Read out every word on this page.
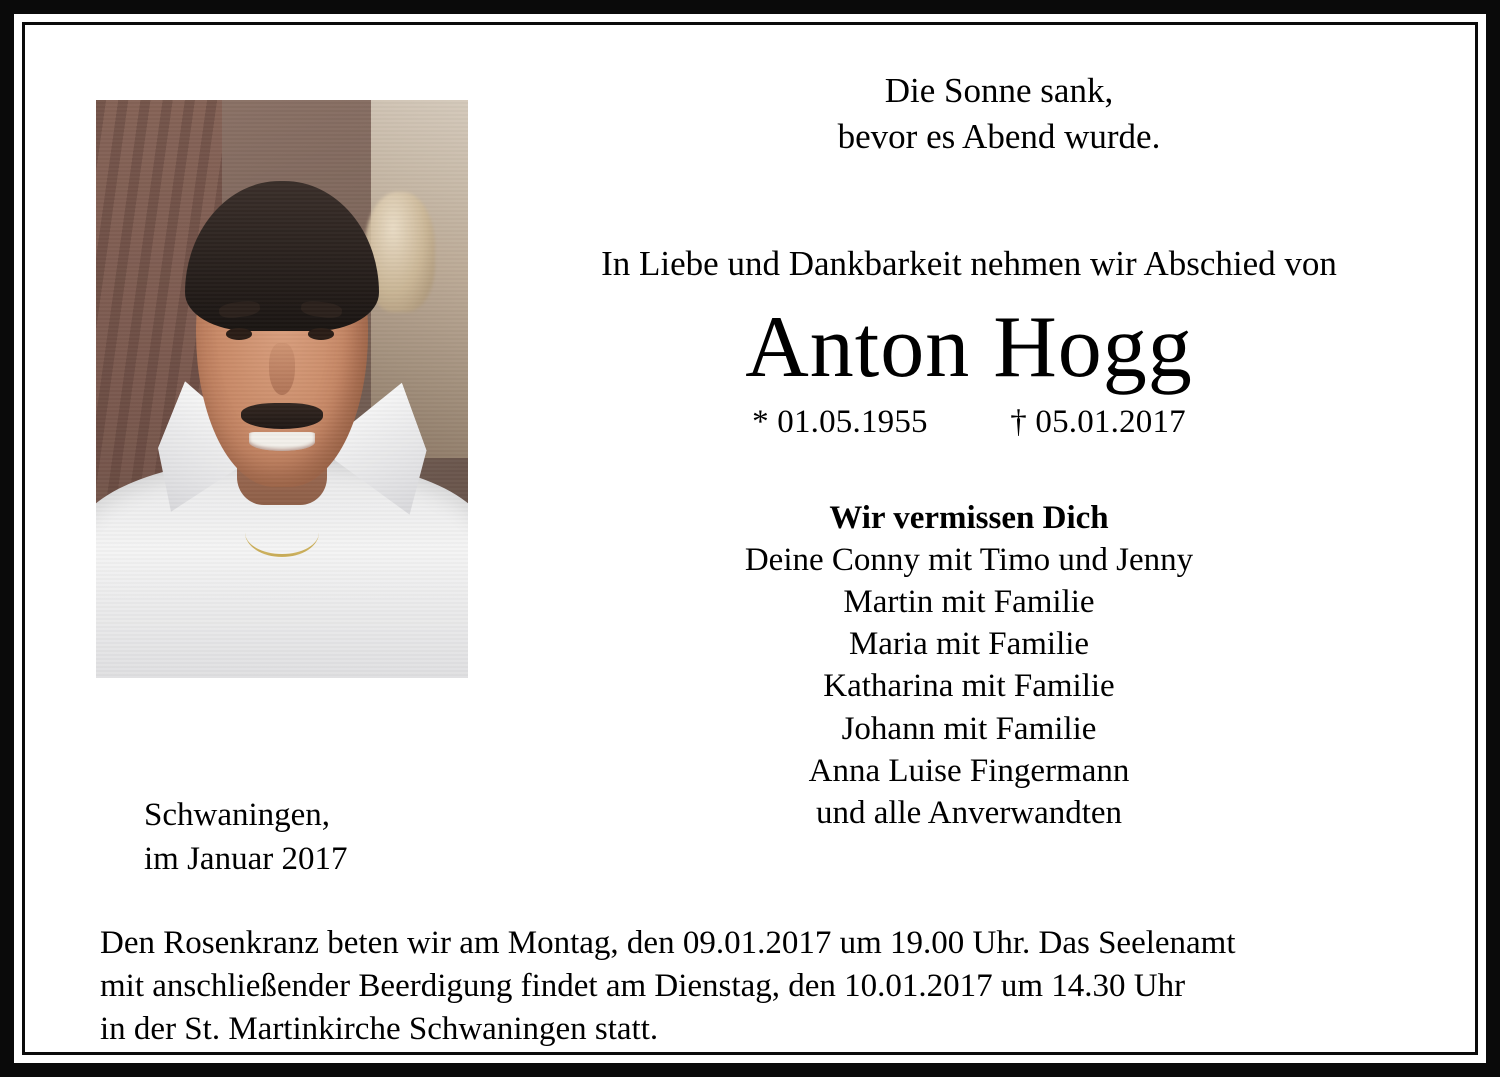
Die Sonne sank,
bevor es Abend wurde.
In Liebe und Dankbarkeit nehmen wir Abschied von
Anton Hogg
* 01.05.1955 † 05.01.2017
Wir vermissen Dich
Deine Conny mit Timo und Jenny
Martin mit Familie
Maria mit Familie
Katharina mit Familie
Johann mit Familie
Anna Luise Fingermann
und alle Anverwandten
Schwaningen,
im Januar 2017
Den Rosenkranz beten wir am Montag, den 09.01.2017 um 19.00 Uhr. Das Seelenamt
mit anschließender Beerdigung findet am Dienstag, den 10.01.2017 um 14.30 Uhr
in der St. Martinkirche Schwaningen statt.
